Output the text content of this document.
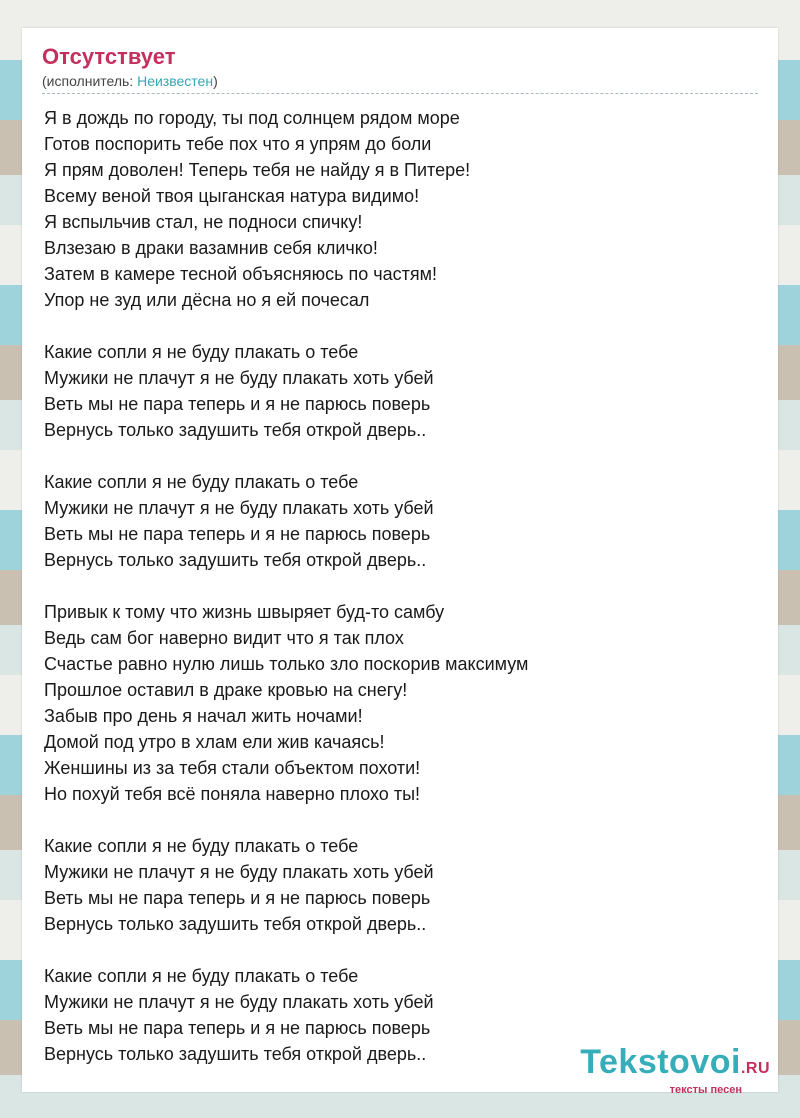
Отсутствует
(исполнитель: Неизвестен)
Я в дождь по городу, ты под солнцем рядом море
Готов поспорить тебе пох что я упрям до боли
Я прям доволен! Теперь тебя не найду я в Питере!
Всему веной твоя цыганская натура видимо!
Я вспыльчив стал, не подноси спичку!
Влзезаю в драки вазамнив себя кличко!
Затем в камере тесной объясняюсь по частям!
Упор не зуд или дёсна но я ей почесал
Какие сопли я не буду плакать о тебе
Мужики не плачут я не буду плакать хоть убей
Веть мы не пара теперь и я не парюсь поверь
Вернусь только задушить тебя открой дверь..
Какие сопли я не буду плакать о тебе
Мужики не плачут я не буду плакать хоть убей
Веть мы не пара теперь и я не парюсь поверь
Вернусь только задушить тебя открой дверь..
Привык к тому что жизнь швыряет буд-то самбу
Ведь сам бог наверно видит что я так плох
Счастье равно нулю лишь только зло поскорив максимум
Прошлое оставил в драке кровью на снегу!
Забыв про день я начал жить ночами!
Домой под утро в хлам ели жив качаясь!
Женшины из за тебя стали объектом похоти!
Но похуй тебя всё поняла наверно плохо ты!
Какие сопли я не буду плакать о тебе
Мужики не плачут я не буду плакать хоть убей
Веть мы не пара теперь и я не парюсь поверь
Вернусь только задушить тебя открой дверь..
Какие сопли я не буду плакать о тебе
Мужики не плачут я не буду плакать хоть убей
Веть мы не пара теперь и я не парюсь поверь
Вернусь только задушить тебя открой дверь..	Tekstovoi.RU
тексты песен
